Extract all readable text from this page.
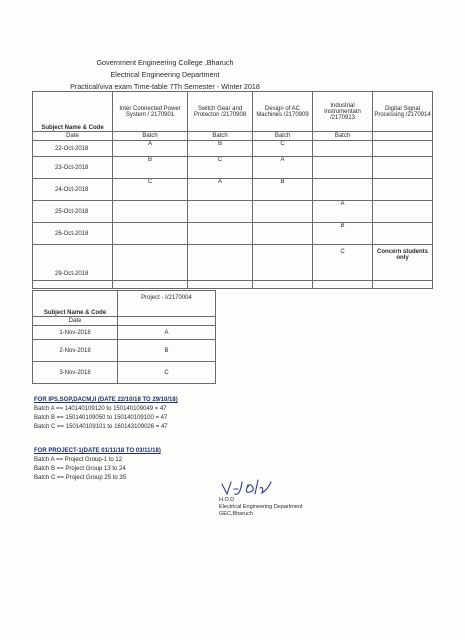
Government Engineering College ,Bharuch
Electrical Engineering Department
Practical/viva exam Time-table 7Th Semester - Winter 2018
Subject Name & Code	Inter Connected Power System / 2170901	Switch Gear and Protecton /2170908	Design of AC Machines /2170909	Industrial Instrumentatn /2170913	Digital Signal Processing /2170914
Date	Batch	Batch	Batch	Batch	
22-Oct-2018	A	B	C		
23-Oct-2018	B	C	A		
24-Oct-2018	C	A	B		
25-Oct-2018				A	
26-Oct-2018				B	
29-Oct-2018				C	Concern students only

Subject Name & Code	Project - I/2170004
Date	
1-Nov-2018	A
2-Nov-2018	B
3-Nov-2018	C
FOR IPS,SGP,DACM,II (DATE 22/10/18 TO 29/10/18)
Batch A == 140140109120 to 150140109049 = 47
Batch B == 150140109050 to 150140109100 = 47
Batch C == 150140109101 to 160143109026 = 47
FOR PROJECT-1(DATE 01/11/18 TO 03/11/18)
Batch A == Project Group-1 to 12
Batch B == Project Group 13 to 24
Batch C == Project Group 25 to 35
H.O.D
Electrical Engineering Department
GEC,Bharuch
